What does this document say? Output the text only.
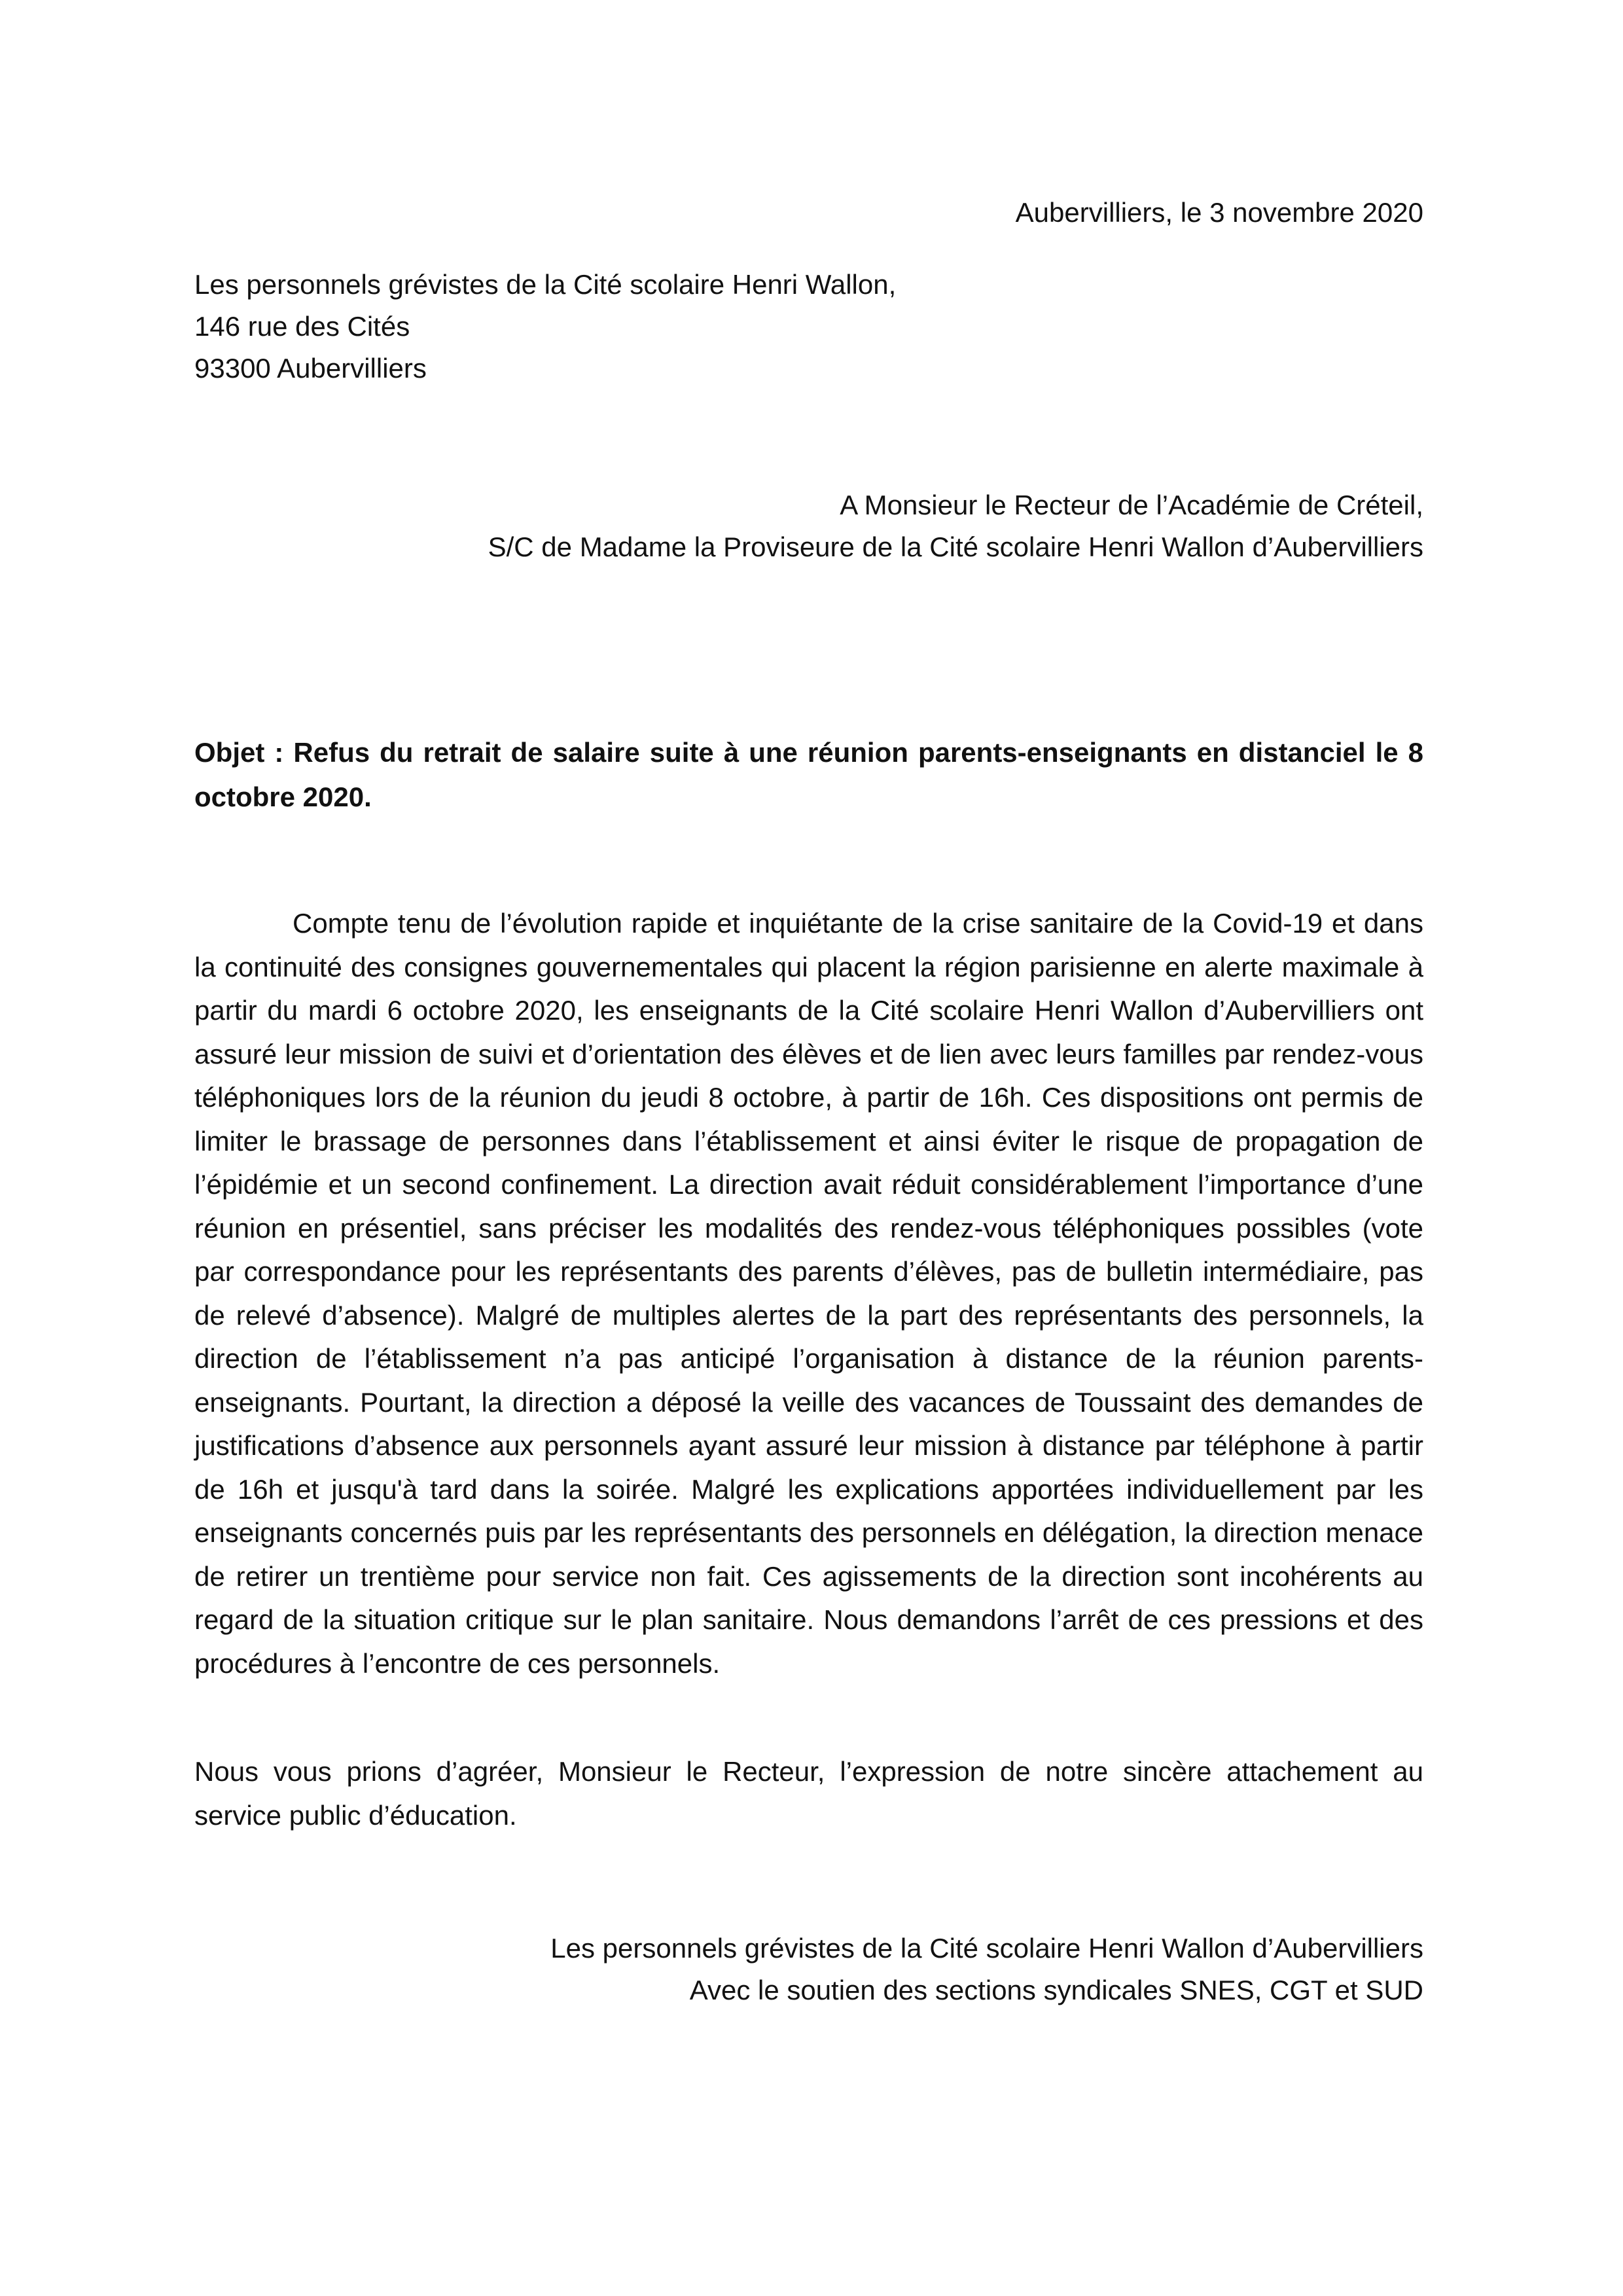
Aubervilliers, le 3 novembre 2020
Les personnels grévistes de la Cité scolaire Henri Wallon,
146 rue des Cités
93300 Aubervilliers
A Monsieur le Recteur de l’Académie de Créteil,
S/C de Madame la Proviseure de la Cité scolaire Henri Wallon d’Aubervilliers
Objet : Refus du retrait de salaire suite à une réunion parents-enseignants en distanciel le 8 octobre 2020.

Compte tenu de l’évolution rapide et inquiétante de la crise sanitaire de la Covid-19 et dans la continuité des consignes gouvernementales qui placent la région parisienne en alerte maximale à partir du mardi 6 octobre 2020, les enseignants de la Cité scolaire Henri Wallon d’Aubervilliers ont assuré leur mission de suivi et d’orientation des élèves et de lien avec leurs familles par rendez-vous téléphoniques lors de la réunion du jeudi 8 octobre, à partir de 16h. Ces dispositions ont permis de limiter le brassage de personnes dans l’établissement et ainsi éviter le risque de propagation de l’épidémie et un second confinement. La direction avait réduit considérablement l’importance d’une réunion en présentiel, sans préciser les modalités des rendez-vous téléphoniques possibles (vote par correspondance pour les représentants des parents d’élèves, pas de bulletin intermédiaire, pas de relevé d’absence). Malgré de multiples alertes de la part des représentants des personnels, la direction de l’établissement n’a pas anticipé l’organisation à distance de la réunion parents-enseignants. Pourtant, la direction a déposé la veille des vacances de Toussaint des demandes de justifications d’absence aux personnels ayant assuré leur mission à distance par téléphone à partir de 16h et jusqu'à tard dans la soirée. Malgré les explications apportées individuellement par les enseignants concernés puis par les représentants des personnels en délégation, la direction menace de retirer un trentième pour service non fait. Ces agissements de la direction sont incohérents au regard de la situation critique sur le plan sanitaire. Nous demandons l’arrêt de ces pressions et des procédures à l’encontre de ces personnels.

Nous vous prions d’agréer, Monsieur le Recteur, l’expression de notre sincère attachement au service public d’éducation.

Les personnels grévistes de la Cité scolaire Henri Wallon d’Aubervilliers
Avec le soutien des sections syndicales SNES, CGT et SUD
